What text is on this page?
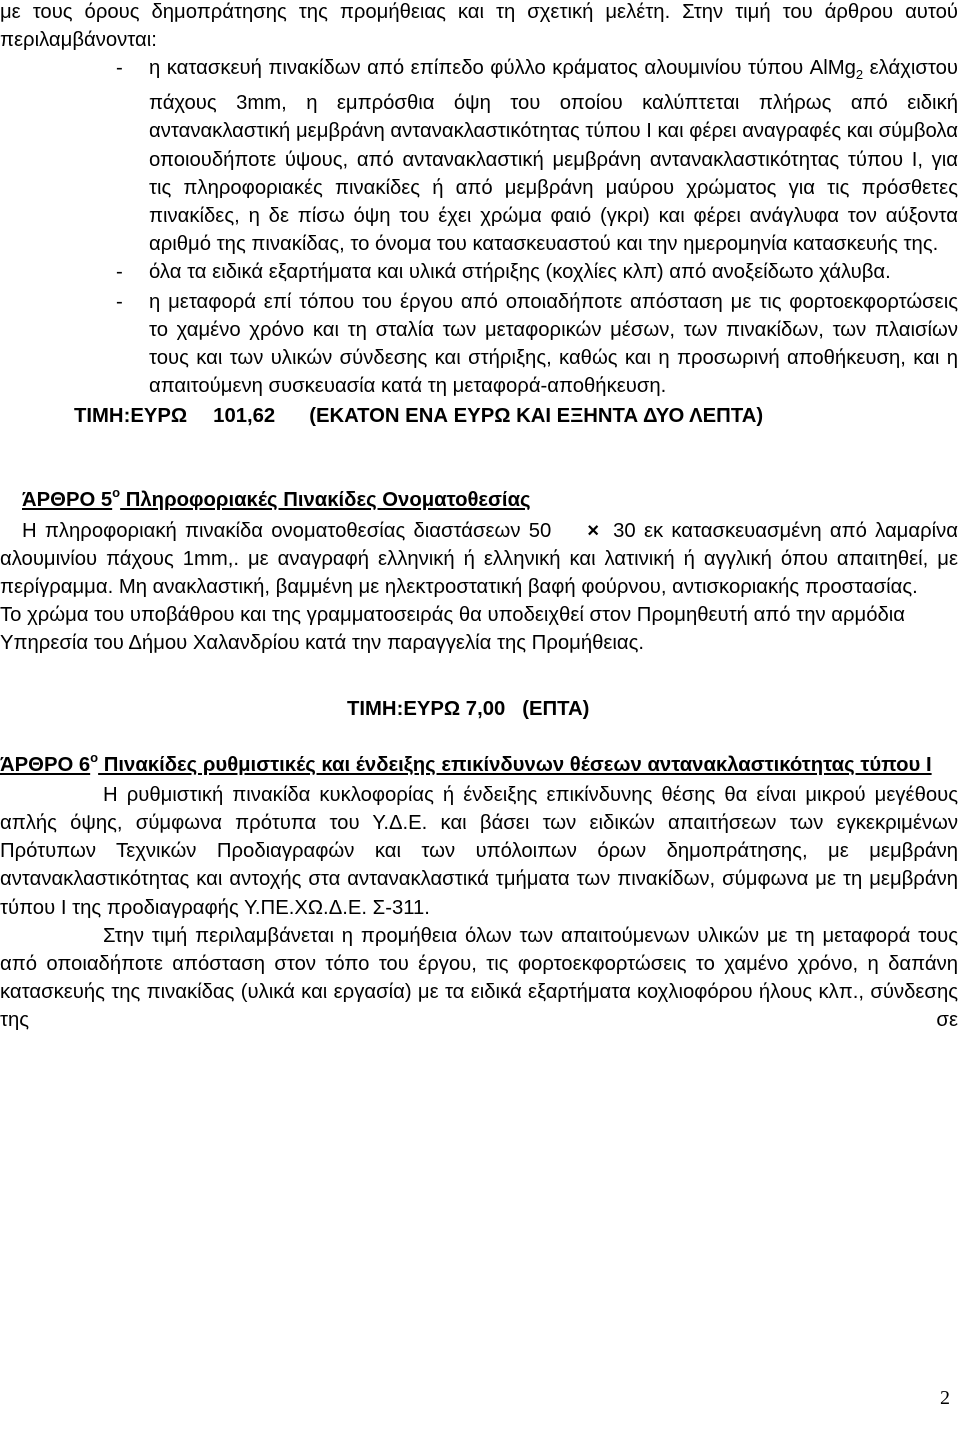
με τους όρους δημοπράτησης της προμήθειας και τη σχετική μελέτη. Στην τιμή του άρθρου αυτού περιλαμβάνονται:

- η κατασκευή πινακίδων από επίπεδο φύλλο κράματος αλουμινίου τύπου AlMg$_2$ ελάχιστου πάχους 3mm, η εμπρόσθια όψη του οποίου καλύπτεται πλήρως από ειδική αντανακλαστική μεμβράνη αντανακλαστικότητας τύπου Ι και φέρει αναγραφές και σύμβολα οποιουδήποτε ύψους, από αντανακλαστική μεμβράνη αντανακλαστικότητας τύπου Ι, για τις πληροφοριακές πινακίδες ή από μεμβράνη μαύρου χρώματος για τις πρόσθετες πινακίδες, η δε πίσω όψη του έχει χρώμα φαιό (γκρι) και φέρει ανάγλυφα τον αύξοντα αριθμό της πινακίδας, το όνομα του κατασκευαστού και την ημερομηνία κατασκευής της.
- όλα τα ειδικά εξαρτήματα και υλικά στήριξης (κοχλίες κλπ) από ανοξείδωτο χάλυβα.
- η μεταφορά επί τόπου του έργου από οποιαδήποτε απόσταση με τις φορτοεκφορτώσεις το χαμένο χρόνο και τη σταλία των μεταφορικών μέσων, των πινακίδων, των πλαισίων τους και των υλικών σύνδεσης και στήριξης, καθώς και η προσωρινή αποθήκευση, και η απαιτούμενη συσκευασία κατά τη μεταφορά-αποθήκευση.

ΤΙΜΗ:ΕΥΡΩ 101,62 (ΕΚΑΤΟΝ ΕΝΑ ΕΥΡΩ ΚΑΙ ΕΞΗΝΤΑ ΔΥΟ ΛΕΠΤΑ)

ΆΡΘΡΟ $5^o$ Πληροφοριακές Πινακίδες Ονοματοθεσίας

Η πληροφοριακή πινακίδα ονοματοθεσίας διαστάσεων 50 × 30 εκ κατασκευασμένη από λαμαρίνα αλουμινίου πάχους 1mm,. με αναγραφή ελληνική ή ελληνική και λατινική ή αγγλική όπου απαιτηθεί, με περίγραμμα. Μη ανακλαστική, βαμμένη με ηλεκτροστατική βαφή φούρνου, αντισκοριακής προστασίας.

Το χρώμα του υποβάθρου και της γραμματοσειράς θα υποδειχθεί στον Προμηθευτή από την αρμόδια Υπηρεσία του Δήμου Χαλανδρίου κατά την παραγγελία της Προμήθειας.

ΤΙΜΗ:ΕΥΡΩ 7,00 (ΕΠΤΑ)

ΆΡΘΡΟ $6^o$ Πινακίδες ρυθμιστικές και ένδειξης επικίνδυνων θέσεων αντανακλαστικότητας τύπου Ι

Η ρυθμιστική πινακίδα κυκλοφορίας ή ένδειξης επικίνδυνης θέσης θα είναι μικρού μεγέθους απλής όψης, σύμφωνα πρότυπα του Υ.Δ.Ε. και βάσει των ειδικών απαιτήσεων των εγκεκριμένων Πρότυπων Τεχνικών Προδιαγραφών και των υπόλοιπων όρων δημοπράτησης, με μεμβράνη αντανακλαστικότητας και αντοχής στα αντανακλαστικά τμήματα των πινακίδων, σύμφωνα με τη μεμβράνη τύπου Ι της προδιαγραφής Υ.ΠΕ.ΧΩ.Δ.Ε. Σ-311.

Στην τιμή περιλαμβάνεται η προμήθεια όλων των απαιτούμενων υλικών με τη μεταφορά τους από οποιαδήποτε απόσταση στον τόπο του έργου, τις φορτοεκφορτώσεις το χαμένο χρόνο, η δαπάνη κατασκευής της πινακίδας (υλικά και εργασία) με τα ειδικά εξαρτήματα κοχλιοφόρου ήλους κλπ., σύνδεσης της σε

2
